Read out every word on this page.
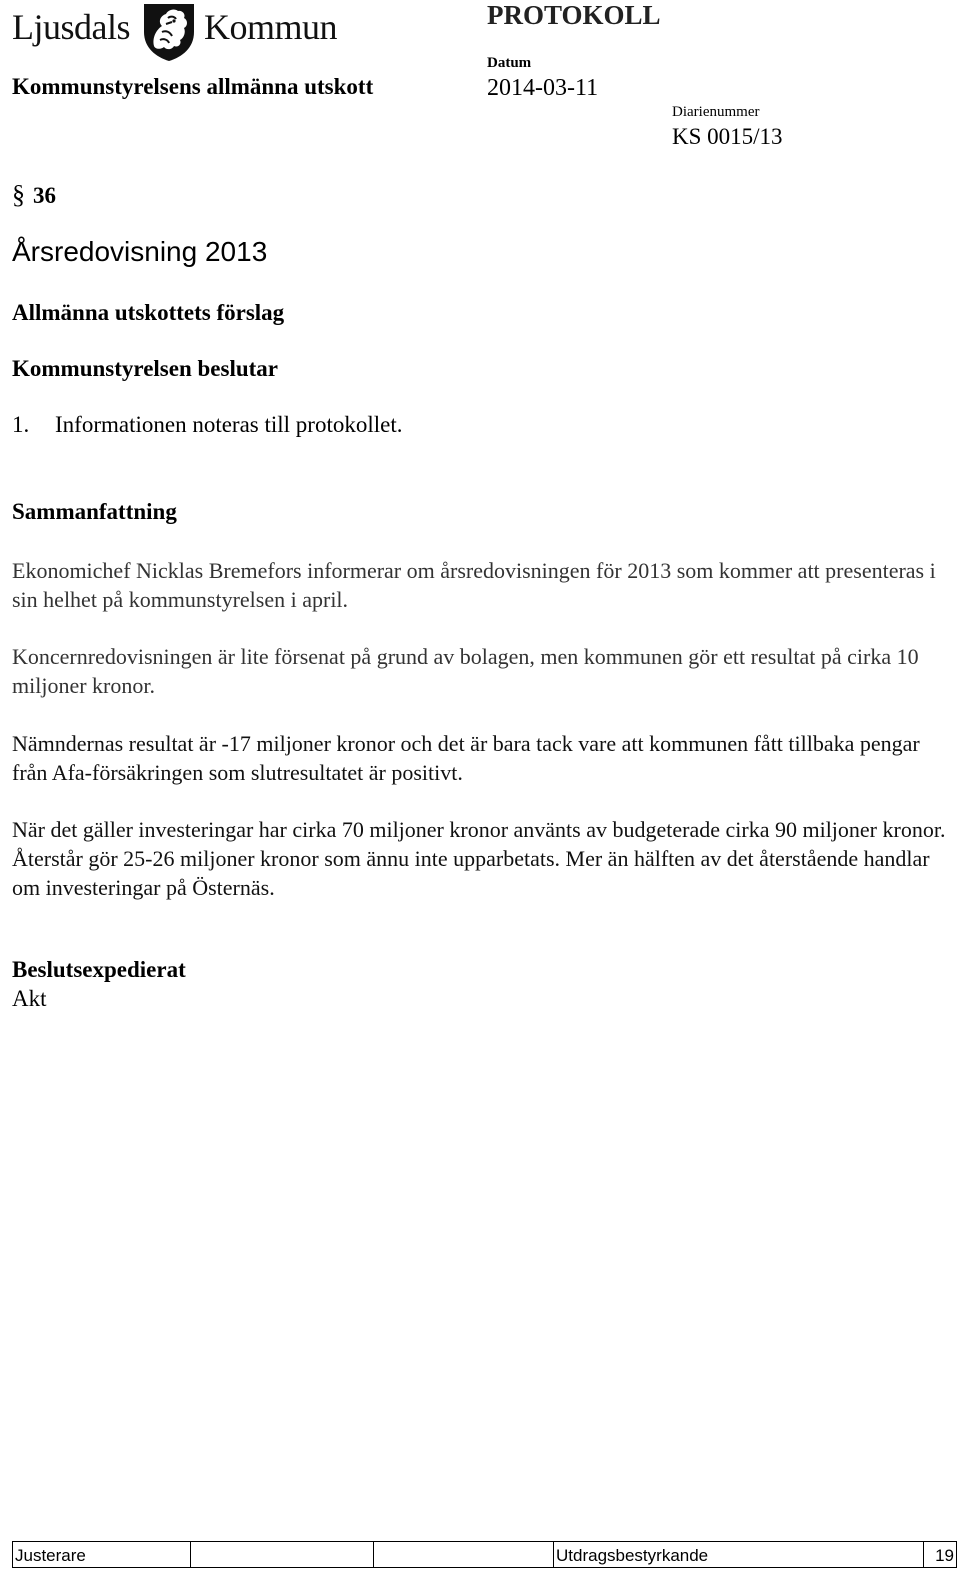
Ljusdals Kommun	PROTOKOLL
Kommunstyrelsens allmänna utskott
Datum
2014-03-11
Diarienummer
KS 0015/13
§ 36
Årsredovisning 2013
Allmänna utskottets förslag
Kommunstyrelsen beslutar
1. Informationen noteras till protokollet.
Sammanfattning
Ekonomichef Nicklas Bremefors informerar om årsredovisningen för 2013 som kommer att presenteras i sin helhet på kommunstyrelsen i april.
Koncernredovisningen är lite försenat på grund av bolagen, men kommunen gör ett resultat på cirka 10 miljoner kronor.
Nämndernas resultat är -17 miljoner kronor och det är bara tack vare att kommunen fått tillbaka pengar från Afa-försäkringen som slutresultatet är positivt.
När det gäller investeringar har cirka 70 miljoner kronor använts av budgeterade cirka 90 miljoner kronor. Återstår gör 25-26 miljoner kronor som ännu inte upparbetats. Mer än hälften av det återstående handlar om investeringar på Östernäs.
Beslutsexpedierat
Akt
Justerare	Utdragsbestyrkande	19
